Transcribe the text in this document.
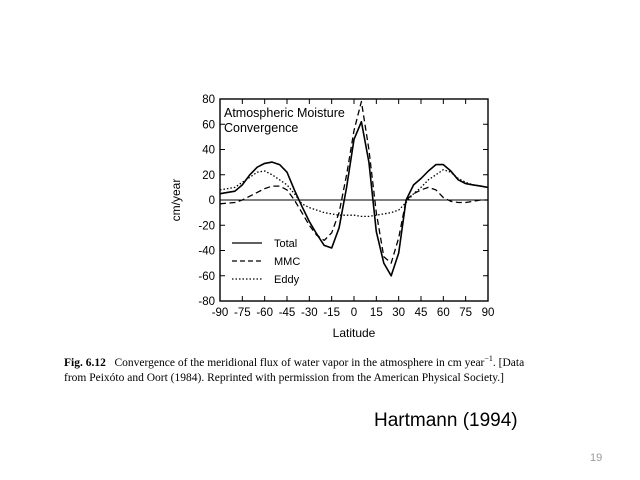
-90 -75 -60 -45 -30 -15 0 15 30 45 60 75 90
-80
-60
-40
-20
0
20
40
60
80
Atmospheric Moisture
Convergence
Latitude
cm/year
Total
MMC
Eddy
Fig. 6.12 Convergence of the meridional flux of water vapor in the atmosphere in cm year$^{-1}$. [Data
from Peixóto and Oort (1984). Reprinted with permission from the American Physical Society.]
Hartmann (1994)
19
